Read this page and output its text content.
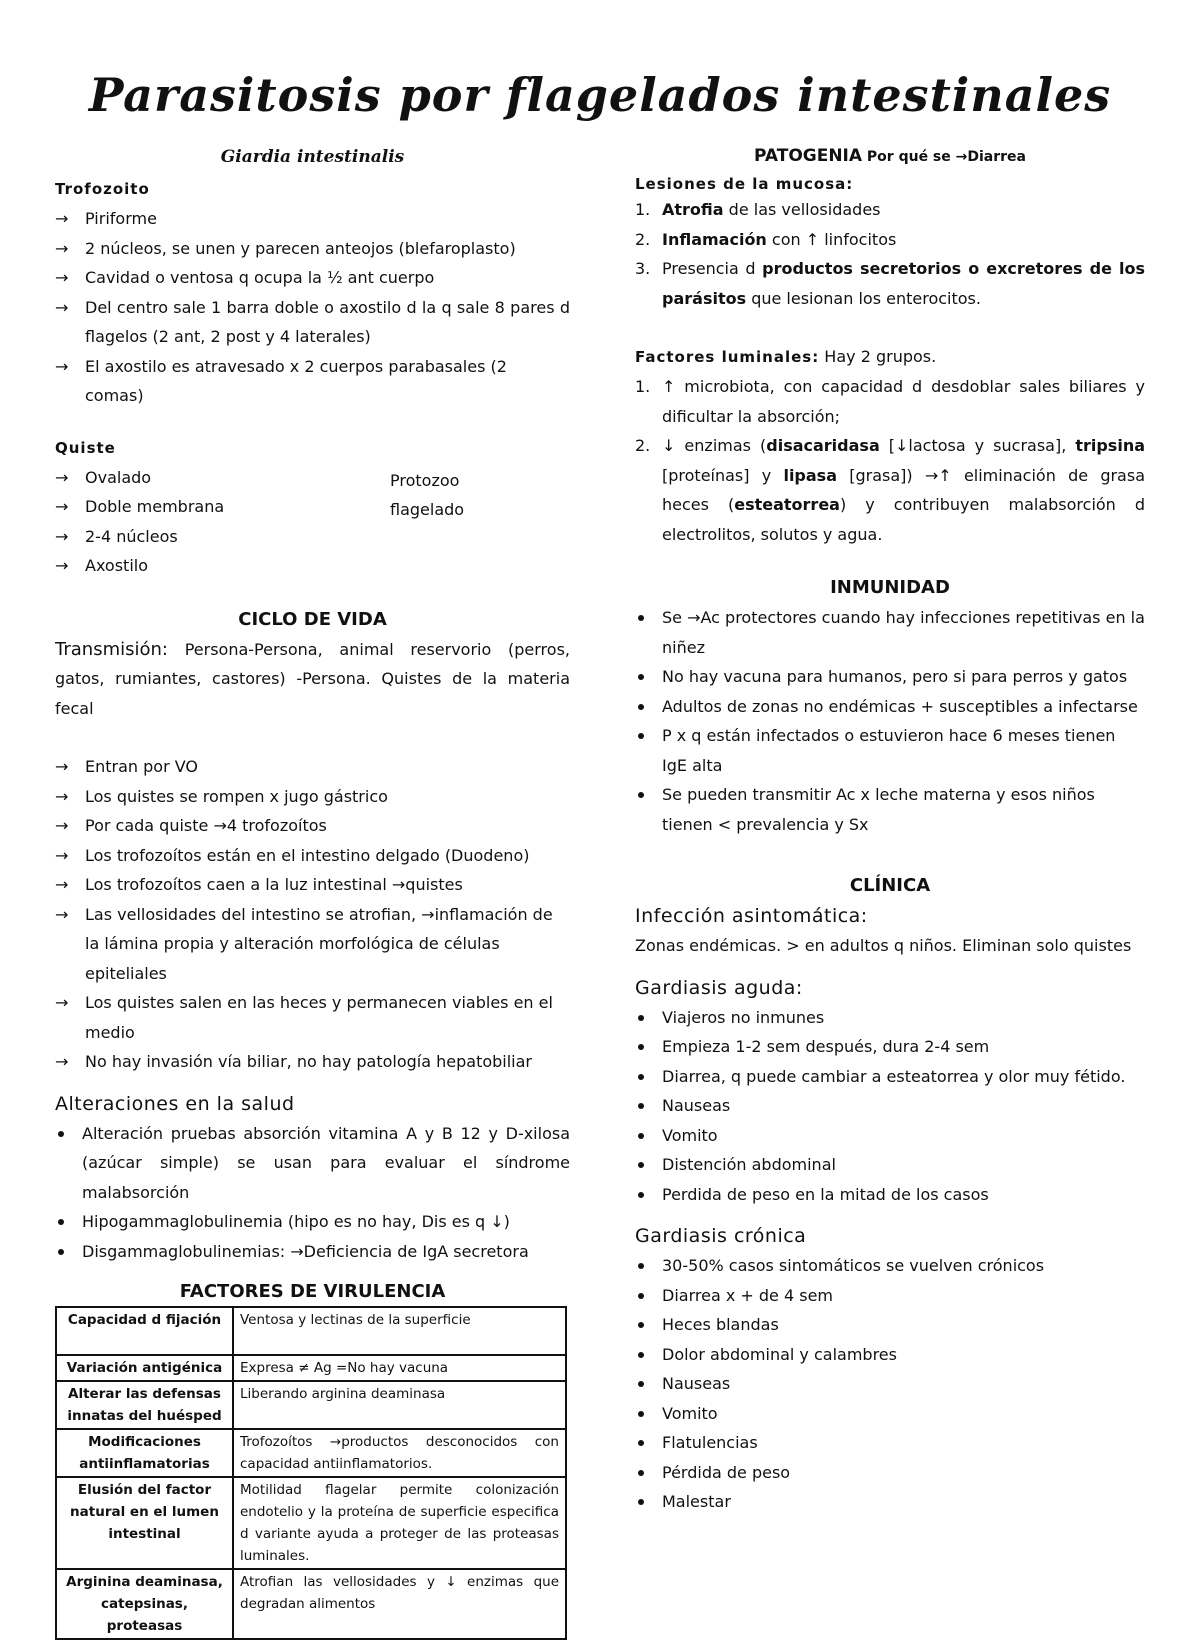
Parasitosis por flagelados intestinales
Giardia intestinalis
Trofozoito
→ Piriforme
→ 2 núcleos, se unen y parecen anteojos (blefaroplasto)
→ Cavidad o ventosa q ocupa la ½ ant cuerpo
→ Del centro sale 1 barra doble o axostilo d la q sale 8 pares d flagelos (2 ant, 2 post y 4 laterales)
→ El axostilo es atravesado x 2 cuerpos parabasales (2 comas)
Quiste
Protozoo
flagelado
→ Ovalado
→ Doble membrana
→ 2-4 núcleos
→ Axostilo
CICLO DE VIDA
Transmisión: Persona-Persona, animal reservorio (perros, gatos, rumiantes, castores) -Persona. Quistes de la materia fecal
→ Entran por VO
→ Los quistes se rompen x jugo gástrico
→ Por cada quiste →4 trofozoítos
→ Los trofozoítos están en el intestino delgado (Duodeno)
→ Los trofozoítos caen a la luz intestinal →quistes
→ Las vellosidades del intestino se atrofian, →inflamación de la lámina propia y alteración morfológica de células epiteliales
→ Los quistes salen en las heces y permanecen viables en el medio
→ No hay invasión vía biliar, no hay patología hepatobiliar
Alteraciones en la salud
Alteración pruebas absorción vitamina A y B 12 y D-xilosa (azúcar simple) se usan para evaluar el síndrome malabsorción
Hipogammaglobulinemia (hipo es no hay, Dis es q ↓)
Disgammaglobulinemias: →Deficiencia de IgA secretora
FACTORES DE VIRULENCIA
Capacidad d fijación	Ventosa y lectinas de la superficie
Variación antigénica	Expresa ≠ Ag =No hay vacuna
Alterar las defensas innatas del huésped	Liberando arginina deaminasa
Modificaciones antiinflamatorias	Trofozoítos →productos desconocidos con capacidad antiinflamatorios.
Elusión del factor natural en el lumen intestinal	Motilidad flagelar permite colonización endotelio y la proteína de superficie especifica d variante ayuda a proteger de las proteasas luminales.
Arginina deaminasa, catepsinas, proteasas	Atrofian las vellosidades y ↓ enzimas que degradan alimentos
PATOGENIA Por qué se →Diarrea
Lesiones de la mucosa:
1. Atrofia de las vellosidades
2. Inflamación con ↑ linfocitos
3. Presencia d productos secretorios o excretores de los parásitos que lesionan los enterocitos.
Factores luminales: Hay 2 grupos.
1. ↑ microbiota, con capacidad d desdoblar sales biliares y dificultar la absorción;
2. ↓ enzimas (disacaridasa [↓lactosa y sucrasa], tripsina [proteínas] y lipasa [grasa]) →↑ eliminación de grasa heces (esteatorrea) y contribuyen malabsorción d electrolitos, solutos y agua.
INMUNIDAD
Se →Ac protectores cuando hay infecciones repetitivas en la niñez
No hay vacuna para humanos, pero si para perros y gatos
Adultos de zonas no endémicas + susceptibles a infectarse
P x q están infectados o estuvieron hace 6 meses tienen IgE alta
Se pueden transmitir Ac x leche materna y esos niños tienen < prevalencia y Sx
CLÍNICA
Infección asintomática:
Zonas endémicas. > en adultos q niños. Eliminan solo quistes
Gardiasis aguda:
Viajeros no inmunes
Empieza 1-2 sem después, dura 2-4 sem
Diarrea, q puede cambiar a esteatorrea y olor muy fétido.
Nauseas
Vomito
Distención abdominal
Perdida de peso en la mitad de los casos
Gardiasis crónica
30-50% casos sintomáticos se vuelven crónicos
Diarrea x + de 4 sem
Heces blandas
Dolor abdominal y calambres
Nauseas
Vomito
Flatulencias
Pérdida de peso
Malestar
